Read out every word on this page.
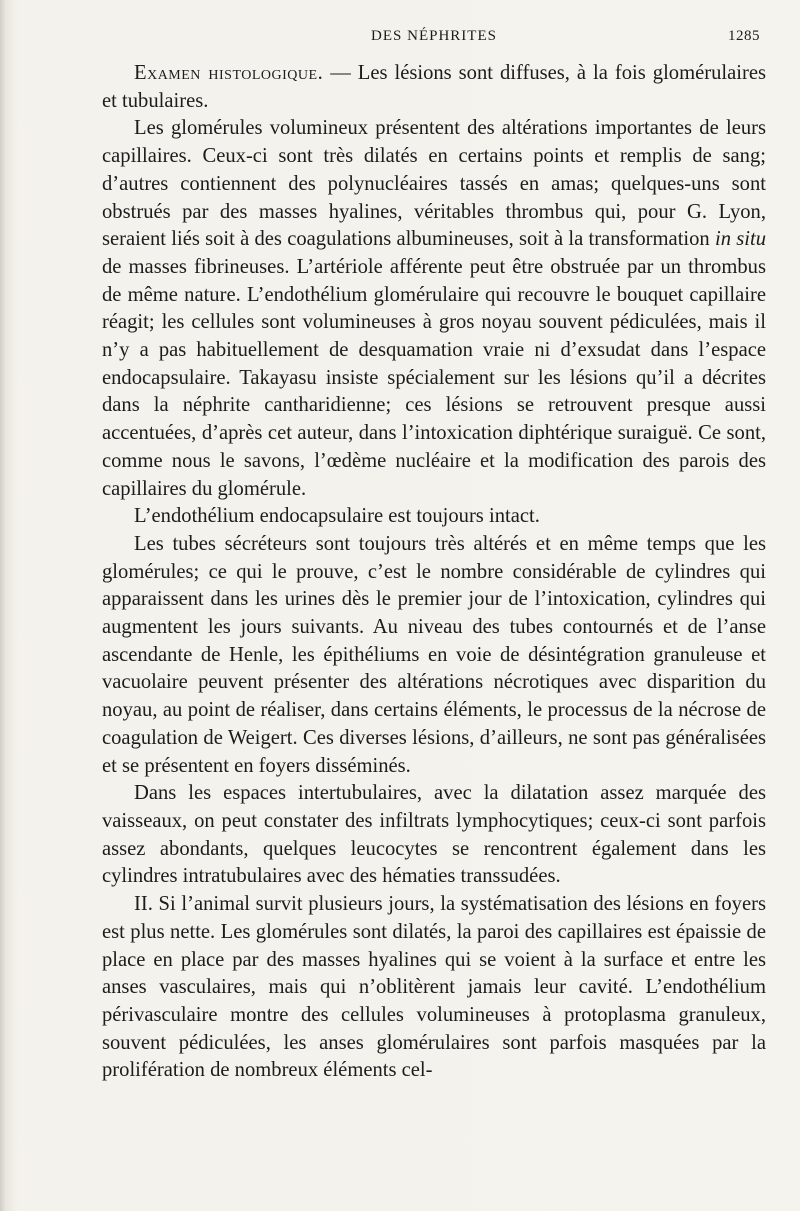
DES NÉPHRITES	1285

Examen histologique. — Les lésions sont diffuses, à la fois glomérulaires et tubulaires.

Les glomérules volumineux présentent des altérations importantes de leurs capillaires. Ceux-ci sont très dilatés en certains points et remplis de sang; d’autres contiennent des polynucléaires tassés en amas; quelques-uns sont obstrués par des masses hyalines, véritables thrombus qui, pour G. Lyon, seraient liés soit à des coagulations albumineuses, soit à la transformation in situ de masses fibrineuses. L’artériole afférente peut être obstruée par un thrombus de même nature. L’endothélium glomérulaire qui recouvre le bouquet capillaire réagit; les cellules sont volumineuses à gros noyau souvent pédiculées, mais il n’y a pas habituellement de desquamation vraie ni d’exsudat dans l’espace endocapsulaire. Takayasu insiste spécialement sur les lésions qu’il a décrites dans la néphrite cantharidienne; ces lésions se retrouvent presque aussi accentuées, d’après cet auteur, dans l’intoxication diphtérique suraiguë. Ce sont, comme nous le savons, l’œdème nucléaire et la modification des parois des capillaires du glomérule.

L’endothélium endocapsulaire est toujours intact.

Les tubes sécréteurs sont toujours très altérés et en même temps que les glomérules; ce qui le prouve, c’est le nombre considérable de cylindres qui apparaissent dans les urines dès le premier jour de l’intoxication, cylindres qui augmentent les jours suivants. Au niveau des tubes contournés et de l’anse ascendante de Henle, les épithéliums en voie de désintégration granuleuse et vacuolaire peuvent présenter des altérations nécrotiques avec disparition du noyau, au point de réaliser, dans certains éléments, le processus de la nécrose de coagulation de Weigert. Ces diverses lésions, d’ailleurs, ne sont pas généralisées et se présentent en foyers disséminés.

Dans les espaces intertubulaires, avec la dilatation assez marquée des vaisseaux, on peut constater des infiltrats lymphocytiques; ceux-ci sont parfois assez abondants, quelques leucocytes se rencontrent également dans les cylindres intratubulaires avec des hématies transsudées.

II. Si l’animal survit plusieurs jours, la systématisation des lésions en foyers est plus nette. Les glomérules sont dilatés, la paroi des capillaires est épaissie de place en place par des masses hyalines qui se voient à la surface et entre les anses vasculaires, mais qui n’oblitèrent jamais leur cavité. L’endothélium périvasculaire montre des cellules volumineuses à protoplasma granuleux, souvent pédiculées, les anses glomérulaires sont parfois masquées par la prolifération de nombreux éléments cel-
